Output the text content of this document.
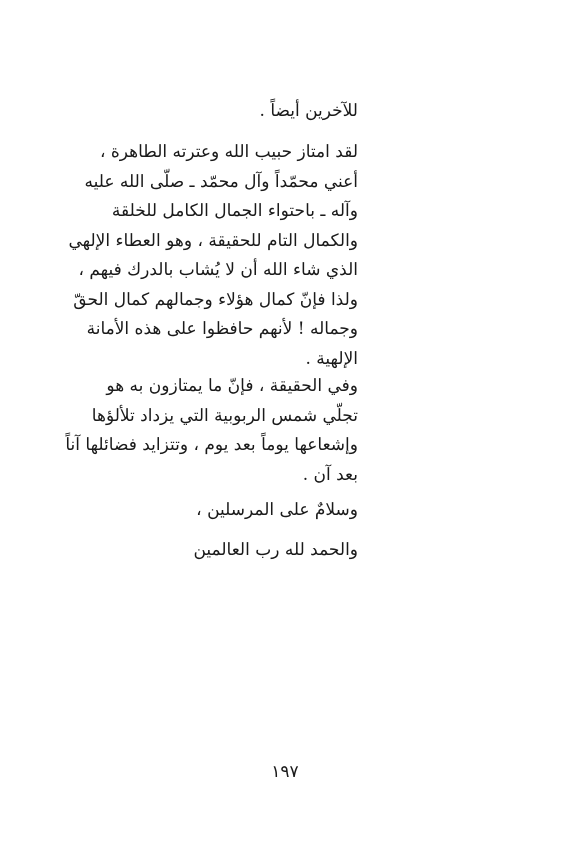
للآخرين أيضاً .

لقد امتاز حبيب الله وعترته الطاهرة ،
أعني محمّداً وآل محمّد ـ صلّى الله عليه
وآله ـ باحتواء الجمال الكامل للخلقة
والكمال التام للحقيقة ، وهو العطاء الإلهي
الذي شاء الله أن لا يُشاب بالدرك فيهم ،
ولذا فإنّ كمال هؤلاء وجمالهم كمال الحقّ
وجماله ! لأنهم حافظوا على هذه الأمانة
الإلهية .

وفي الحقيقة ، فإنّ ما يمتازون به هو
تجلّي شمس الربوبية التي يزداد تلألؤها
وإشعاعها يوماً بعد يوم ، وتتزايد فضائلها آناً
بعد آن .

وسلامٌ على المرسلين ،

والحمد لله رب العالمين

١٩٧
